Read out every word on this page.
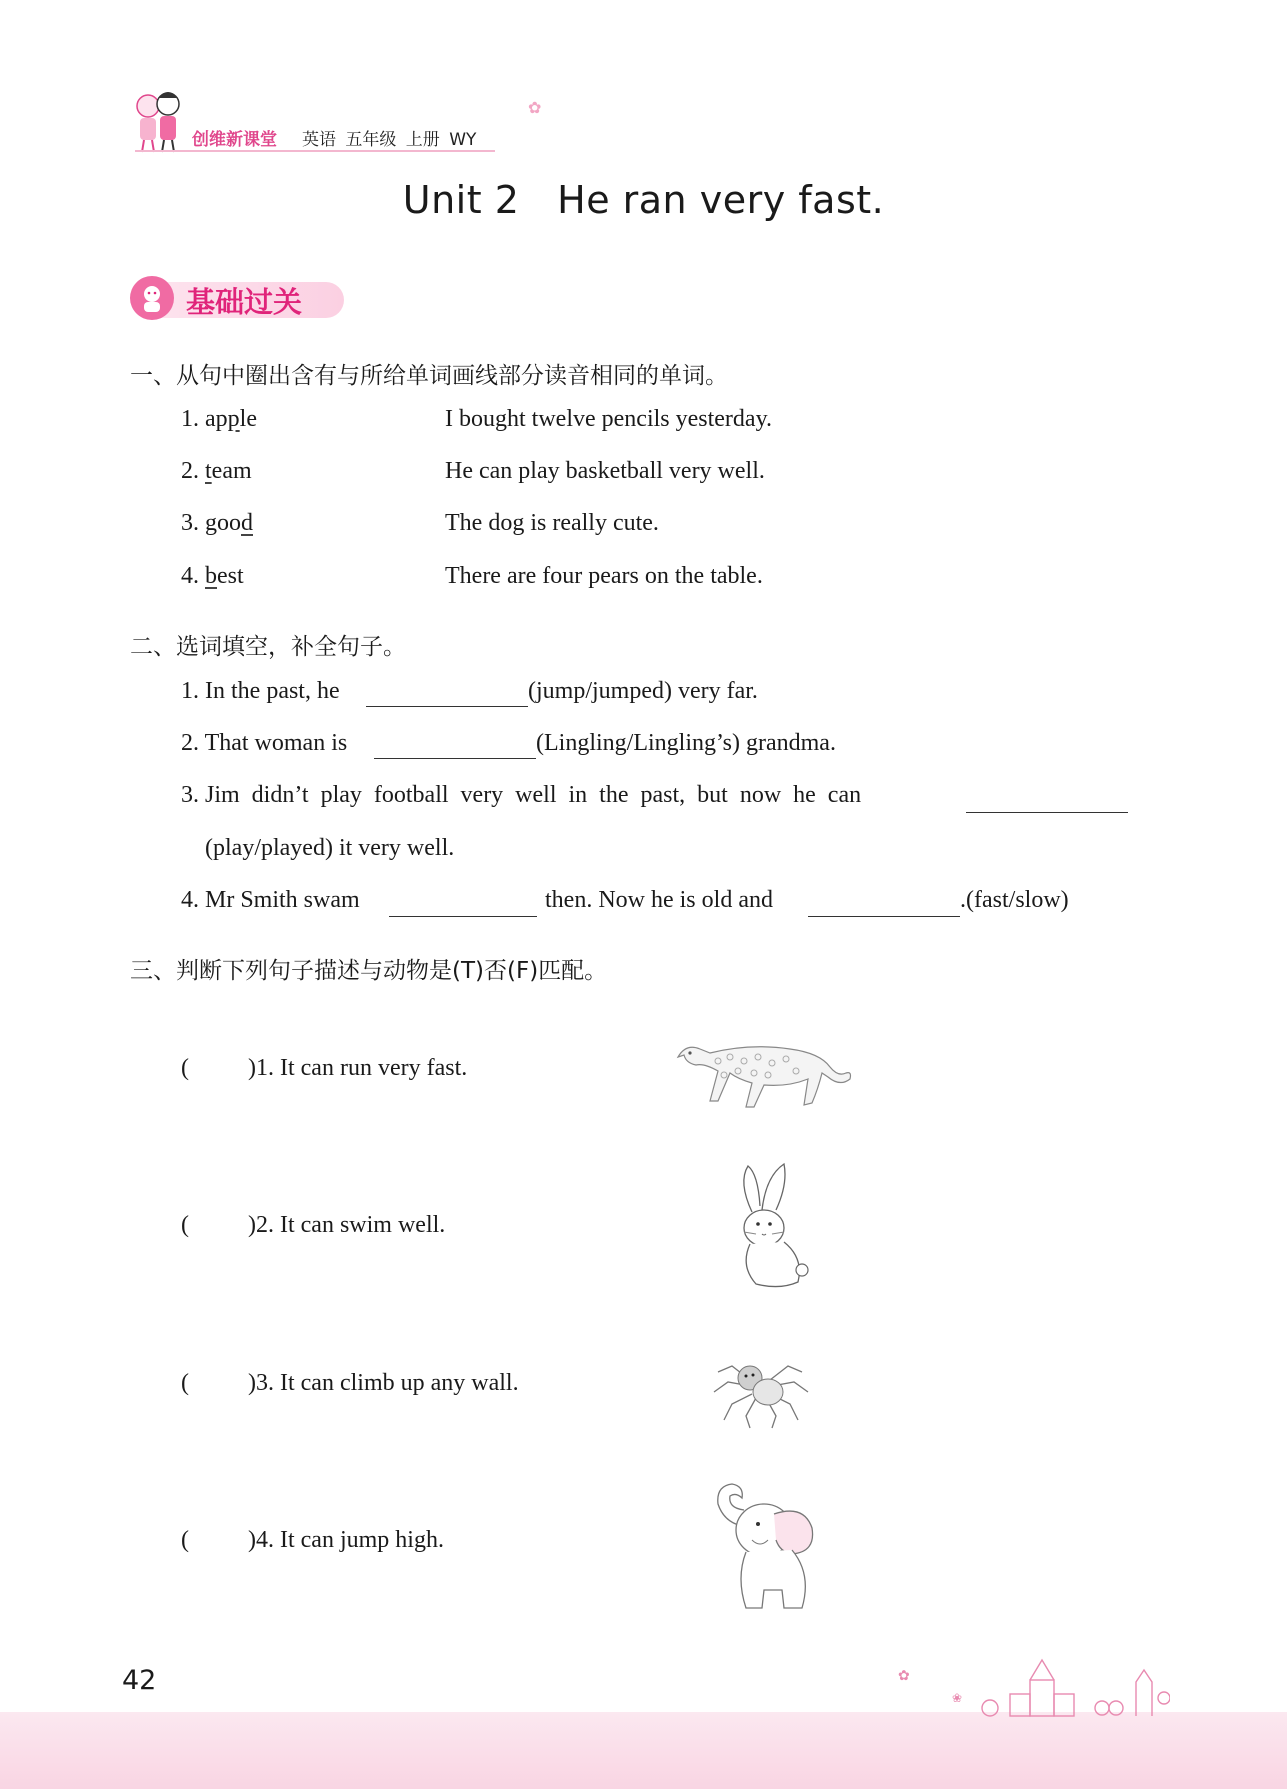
创维新课堂 英语 五年级 上册 WY
✿
Unit 2   He ran very fast.
基础过关
一、从句中圈出含有与所给单词画线部分读音相同的单词。
1. apple	I bought twelve pencils yesterday.
2. team	He can play basketball very well.
3. good	The dog is really cute.
4. best	There are four pears on the table.
二、选词填空，补全句子。
1. In the past, he	(jump/jumped) very far.
2. That woman is	(Lingling/Lingling’s) grandma.
3. Jim  didn’t  play  football  very  well  in  the  past,  but  now  he  can
(play/played) it very well.
4. Mr Smith swam	then. Now he is old and	.(fast/slow)
三、判断下列句子描述与动物是(T)否(F)匹配。
( )1. It can run very fast.
( )2. It can swim well.
( )3. It can climb up any wall.
( )4. It can jump high.
42	✿
❀
